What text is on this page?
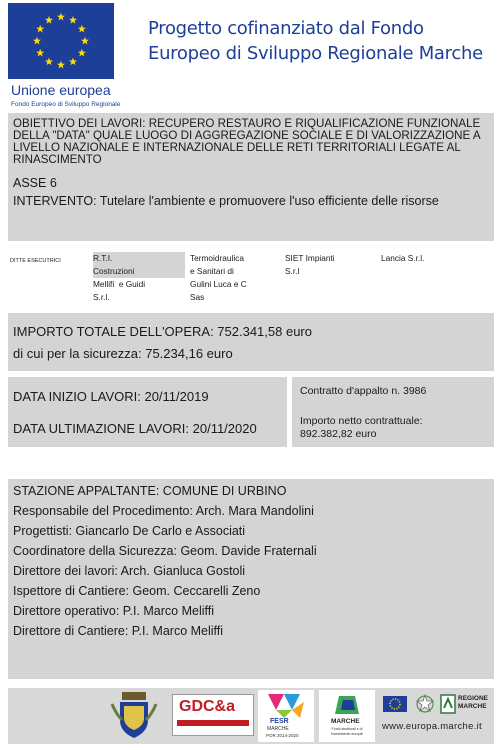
Unione europea
Fondo Europeo di Sviluppo Regionale
Progetto cofinanziato dal Fondo
Europeo di Sviluppo Regionale Marche
OBIETTIVO DEI LAVORI: RECUPERO RESTAURO E RIQUALIFICAZIONE FUNZIONALE DELLA "DATA" QUALE LUOGO DI AGGREGAZIONE SOCIALE E DI VALORIZZAZIONE A LIVELLO NAZIONALE E INTERNAZIONALE DELLE RETI TERRITORIALI LEGATE AL RINASCIMENTO
ASSE 6
INTERVENTO: Tutelare l'ambiente e promuovere l'uso efficiente delle risorse
DITTE ESECUTRICI	R.T.I.
Costruzioni
Mellifi  e Guidi
S.r.l.
Termoidraulica
e Sanitari di
Gulini Luca e C
Sas
SIET Impianti
S.r.l
Lancia S.r.l.
IMPORTO TOTALE DELL'OPERA: 752.341,58 euro
di cui per la sicurezza: 75.234,16 euro
DATA INIZIO LAVORI: 20/11/2019
DATA ULTIMAZIONE LAVORI: 20/11/2020
Contratto d'appalto n. 3986
Importo netto contrattuale:
892.382,82 euro
STAZIONE APPALTANTE: COMUNE DI URBINO
Responsabile del Procedimento: Arch. Mara Mandolini
Progettisti: Giancarlo De Carlo e Associati
Coordinatore della Sicurezza: Geom. Davide Fraternali
Direttore dei lavori: Arch. Gianluca Gostoli
Ispettore di Cantiere: Geom. Ceccarelli Zeno
Direttore operativo: P.I. Marco Meliffi
Direttore di Cantiere: P.I. Marco Meliffi
GDC&a
FESR
MARCHE
POR 2014-2020
MARCHE
Fondi strutturali e di investimento europei
REGIONE
MARCHE
www.europa.marche.it
